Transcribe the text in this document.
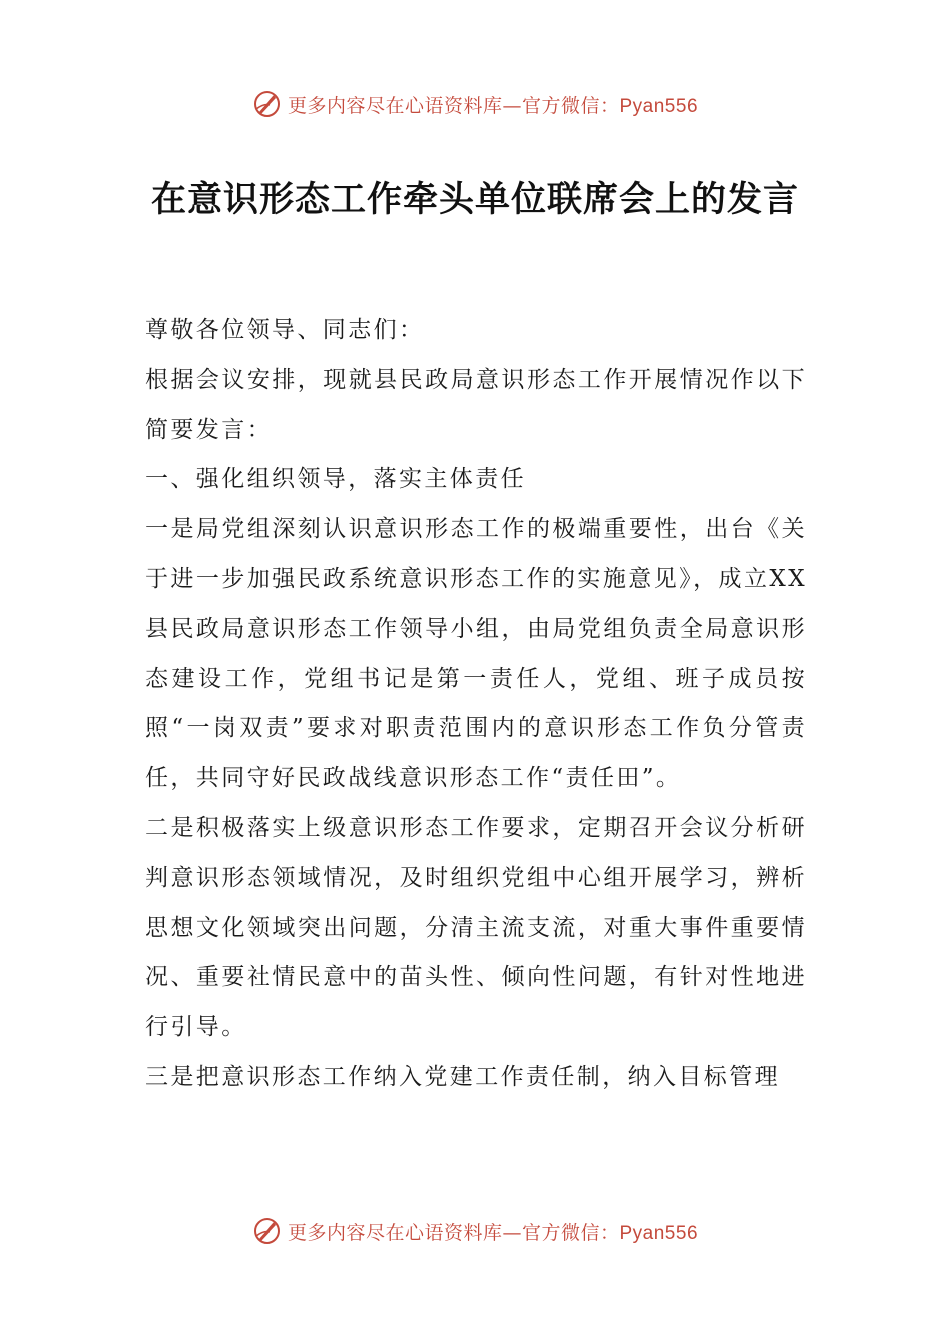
更多内容尽在心语资料库—官方微信：Pyan556
在意识形态工作牵头单位联席会上的发言

尊敬各位领导、同志们：

根据会议安排，现就县民政局意识形态工作开展情况作以下简要发言：

一、强化组织领导，落实主体责任

一是局党组深刻认识意识形态工作的极端重要性，出台《关于进一步加强民政系统意识形态工作的实施意见》，成立XX县民政局意识形态工作领导小组，由局党组负责全局意识形态建设工作，党组书记是第一责任人，党组、班子成员按照“一岗双责”要求对职责范围内的意识形态工作负分管责任，共同守好民政战线意识形态工作“责任田”。

二是积极落实上级意识形态工作要求，定期召开会议分析研判意识形态领域情况，及时组织党组中心组开展学习，辨析思想文化领域突出问题，分清主流支流，对重大事件重要情况、重要社情民意中的苗头性、倾向性问题，有针对性地进行引导。

三是把意识形态工作纳入党建工作责任制，纳入目标管理

更多内容尽在心语资料库—官方微信：Pyan556
